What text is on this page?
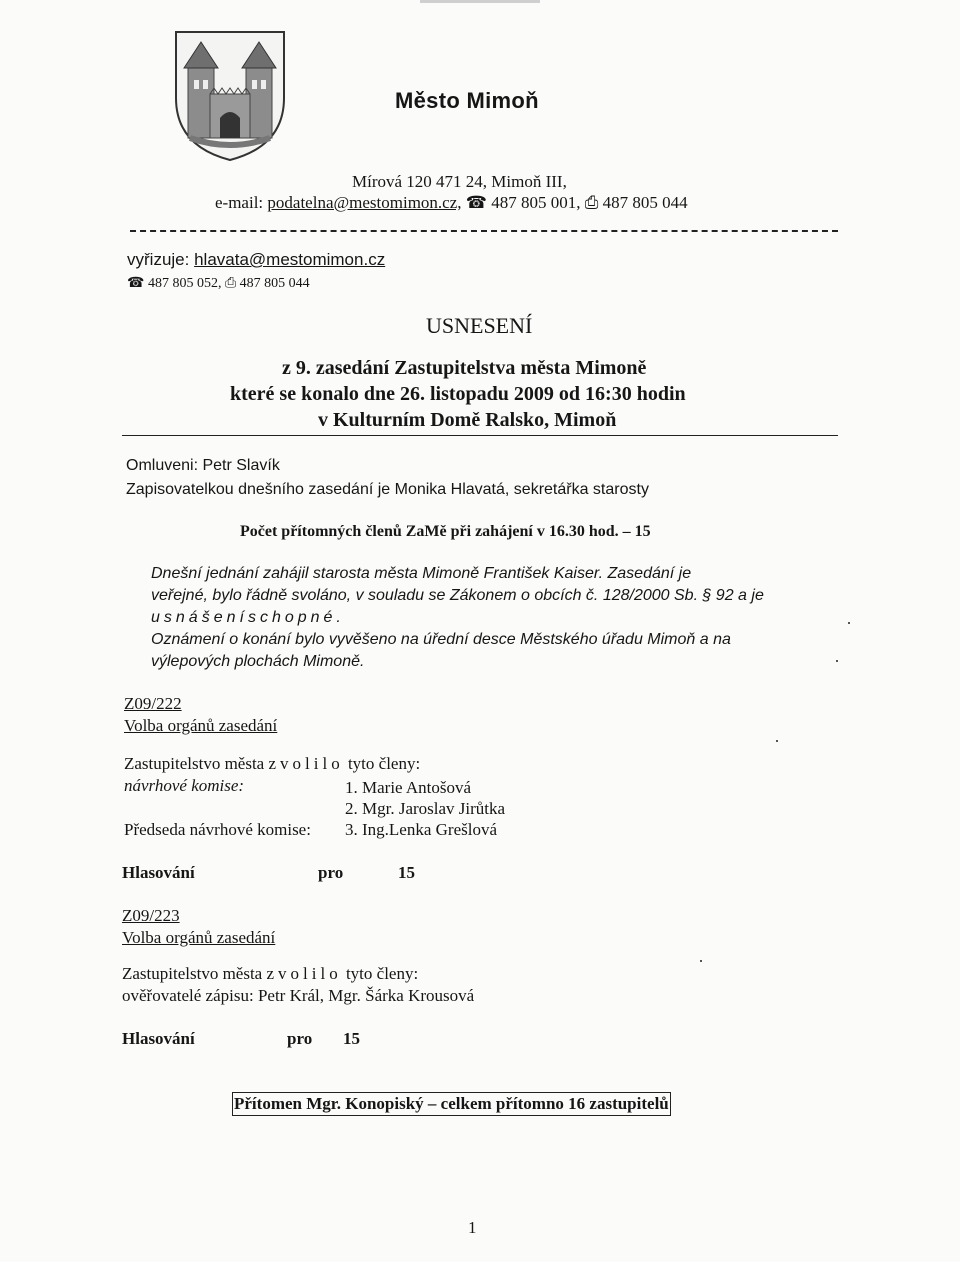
Město Mimoň
Mírová 120 471 24, Mimoň III,
e-mail: podatelna@mestomimon.cz, ☎ 487 805 001, ⎙ 487 805 044
vyřizuje: hlavata@mestomimon.cz
☎ 487 805 052, ⎙ 487 805 044
USNESENÍ
z 9. zasedání Zastupitelstva města Mimoně
které se konalo dne 26. listopadu 2009 od 16:30 hodin
v Kulturním Domě Ralsko, Mimoň
Omluveni: Petr Slavík
Zapisovatelkou dnešního zasedání je Monika Hlavatá, sekretářka starosty
Počet přítomných členů ZaMě při zahájení v 16.30 hod. – 15
Dnešní jednání zahájil starosta města Mimoně František Kaiser. Zasedání je
veřejné, bylo řádně svoláno, v souladu se Zákonem o obcích č. 128/2000 Sb. § 92 a je
usnášeníschopné.
Oznámení o konání bylo vyvěšeno na úřední desce Městského úřadu Mimoň a na
výlepových plochách Mimoně.
Z09/222
Volba orgánů zasedání
Zastupitelstvo města zvolilo tyto členy:
návrhové komise:	1. Marie Antošová
2. Mgr. Jaroslav Jirůtka
Předseda návrhové komise: 3. Ing.Lenka Grešlová
Hlasování	pro	15
Z09/223
Volba orgánů zasedání
Zastupitelstvo města zvolilo tyto členy:
ověřovatelé zápisu: Petr Král, Mgr. Šárka Krousová
Hlasování	pro 15
Přítomen Mgr. Konopiský – celkem přítomno 16 zastupitelů
1
